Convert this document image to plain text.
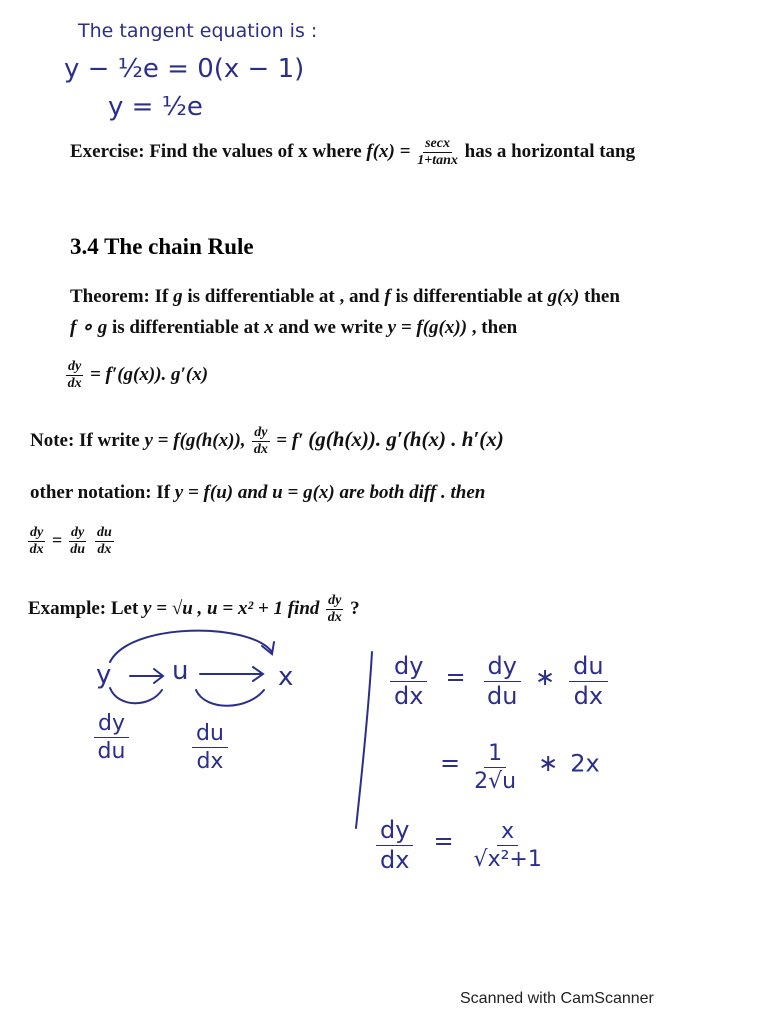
The tangent equation is :
y − ½e = 0(x − 1)
y = ½e
Exercise: Find the values of x where $f(x) = \frac{\sec x}{1+\tan x}$ has a horizontal tang
3.4 The chain Rule
Theorem: If g is differentiable at , and f is differentiable at g(x) then
f ∘ g is differentiable at x and we write y = f(g(x)) , then
$\frac{dy}{dx} = f'(g(x))$. g′(x)
Note: If write y = f(g(h(x)), $\frac{dy}{dx} = f'$ (g(h(x)). g′(h(x) . h′(x)
other notation: If y = f(u) and u = g(x) are both diff . then
$\frac{dy}{dx} = \frac{dy}{du}$
$\frac{du}{dx}$
Example: Let y = √u , u = x² + 1 find $\frac{dy}{dx}$ ?
y u	x
$\frac{dy}{du}$	$\frac{du}{dx}$
$\frac{dy}{dx} = \frac{dy}{du}$ ∗ $\frac{du}{dx}$
= $\frac{1}{2√u}$ ∗ 2x
$\frac{dy}{dx} = \frac{x}{\text{√x²+1}}$
Scanned with CamScanner
